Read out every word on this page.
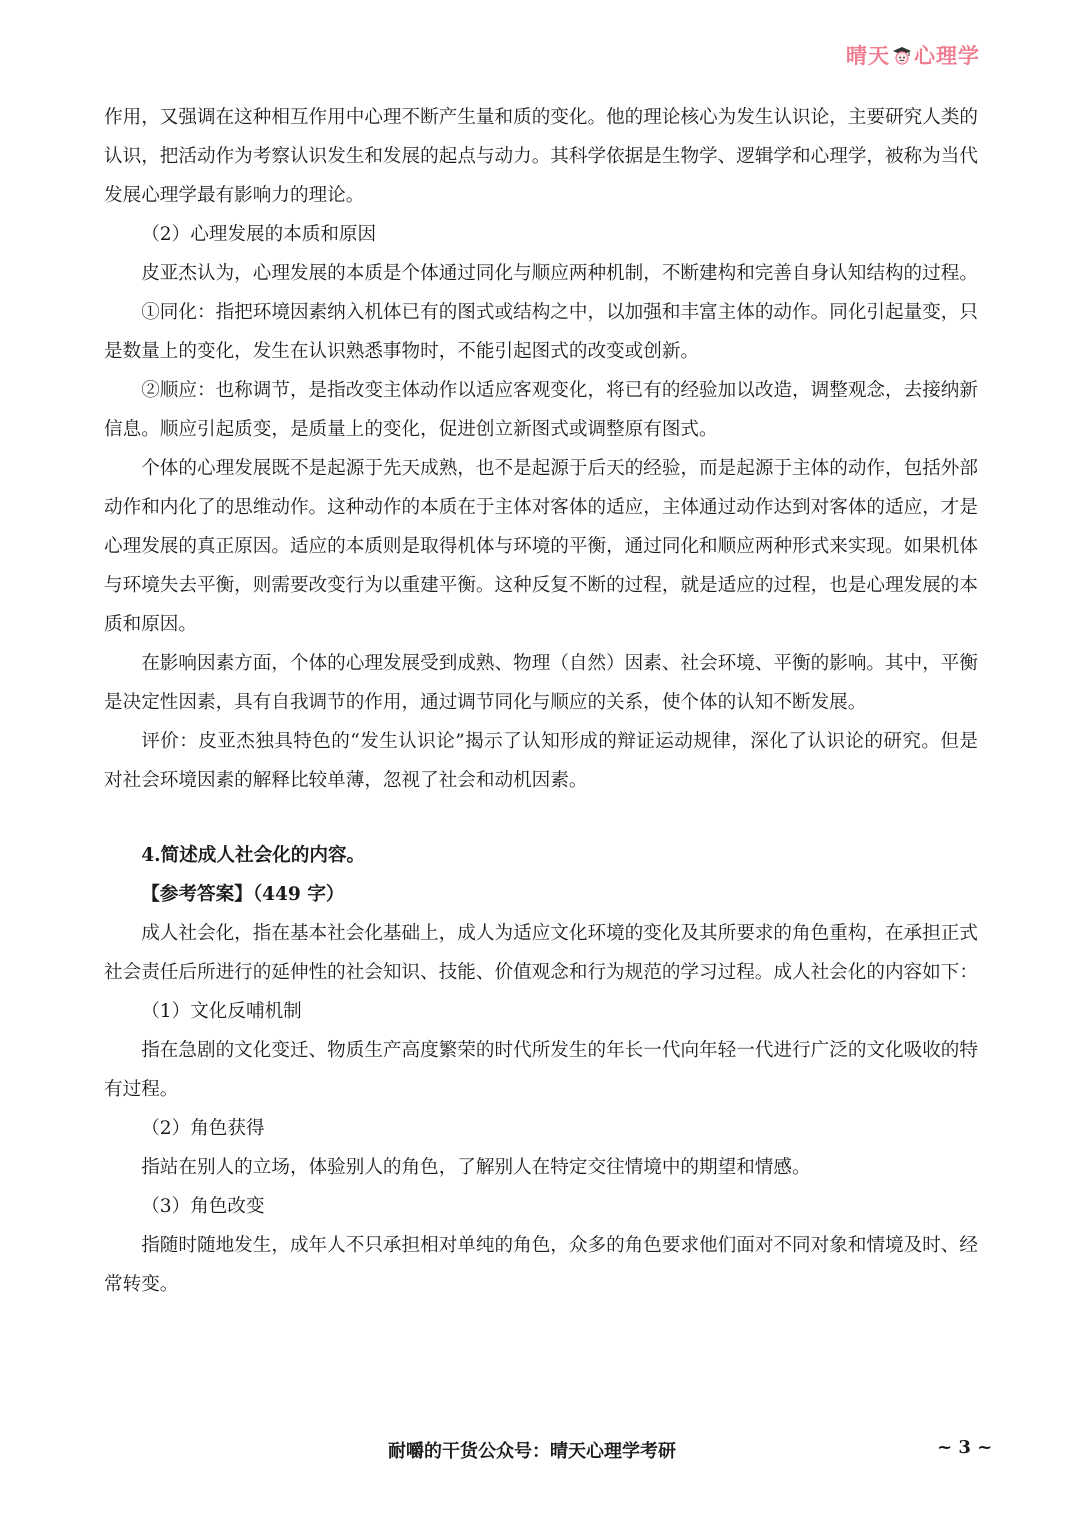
晴天 心理学

作用，又强调在这种相互作用中心理不断产生量和质的变化。他的理论核心为发生认识论，主要研究人类的认识，把活动作为考察认识发生和发展的起点与动力。其科学依据是生物学、逻辑学和心理学，被称为当代发展心理学最有影响力的理论。

（2）心理发展的本质和原因

皮亚杰认为，心理发展的本质是个体通过同化与顺应两种机制，不断建构和完善自身认知结构的过程。

①同化：指把环境因素纳入机体已有的图式或结构之中，以加强和丰富主体的动作。同化引起量变，只是数量上的变化，发生在认识熟悉事物时，不能引起图式的改变或创新。

②顺应：也称调节，是指改变主体动作以适应客观变化，将已有的经验加以改造，调整观念，去接纳新信息。顺应引起质变，是质量上的变化，促进创立新图式或调整原有图式。

个体的心理发展既不是起源于先天成熟，也不是起源于后天的经验，而是起源于主体的动作，包括外部动作和内化了的思维动作。这种动作的本质在于主体对客体的适应，主体通过动作达到对客体的适应，才是心理发展的真正原因。适应的本质则是取得机体与环境的平衡，通过同化和顺应两种形式来实现。如果机体与环境失去平衡，则需要改变行为以重建平衡。这种反复不断的过程，就是适应的过程，也是心理发展的本质和原因。

在影响因素方面，个体的心理发展受到成熟、物理（自然）因素、社会环境、平衡的影响。其中，平衡是决定性因素，具有自我调节的作用，通过调节同化与顺应的关系，使个体的认知不断发展。

评价：皮亚杰独具特色的“发生认识论”揭示了认知形成的辩证运动规律，深化了认识论的研究。但是对社会环境因素的解释比较单薄，忽视了社会和动机因素。

4.简述成人社会化的内容。

【参考答案】（449 字）

成人社会化，指在基本社会化基础上，成人为适应文化环境的变化及其所要求的角色重构，在承担正式社会责任后所进行的延伸性的社会知识、技能、价值观念和行为规范的学习过程。成人社会化的内容如下：

（1）文化反哺机制

指在急剧的文化变迁、物质生产高度繁荣的时代所发生的年长一代向年轻一代进行广泛的文化吸收的特有过程。

（2）角色获得

指站在别人的立场，体验别人的角色，了解别人在特定交往情境中的期望和情感。

（3）角色改变

指随时随地发生，成年人不只承担相对单纯的角色，众多的角色要求他们面对不同对象和情境及时、经常转变。

耐嚼的干货公众号：晴天心理学考研	~ 3 ~
